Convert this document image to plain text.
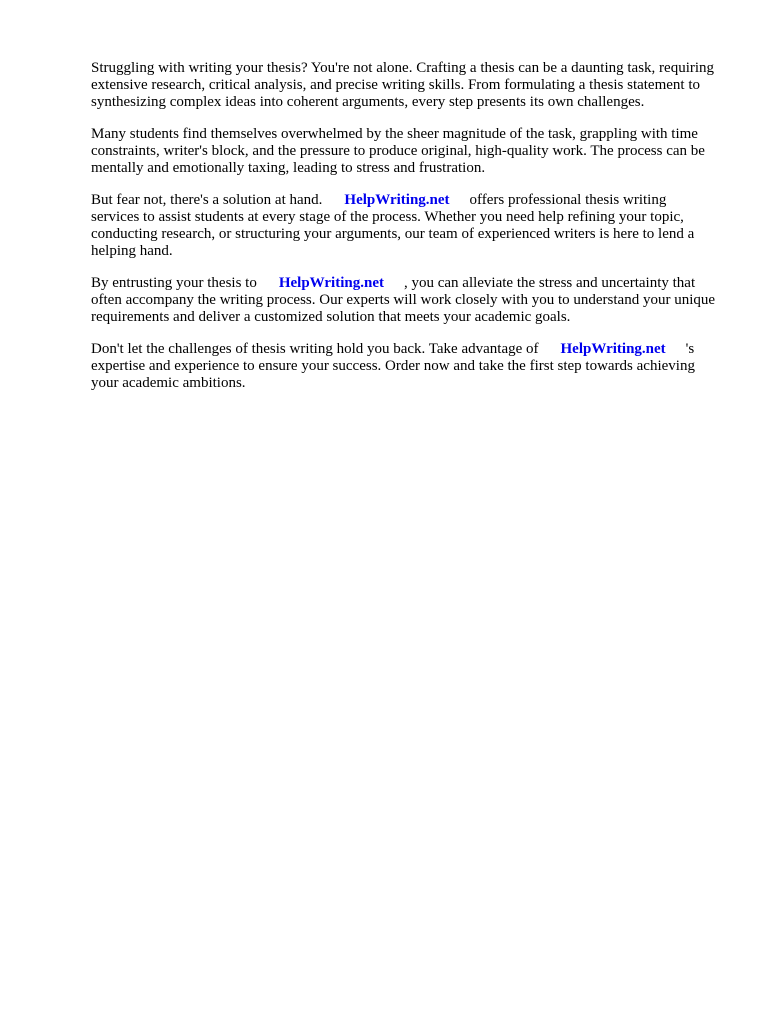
Struggling with writing your thesis? You're not alone. Crafting a thesis can be a daunting task, requiring extensive research, critical analysis, and precise writing skills. From formulating a thesis statement to synthesizing complex ideas into coherent arguments, every step presents its own challenges.

Many students find themselves overwhelmed by the sheer magnitude of the task, grappling with time constraints, writer's block, and the pressure to produce original, high-quality work. The process can be mentally and emotionally taxing, leading to stress and frustration.

But fear not, there's a solution at hand. HelpWriting.net offers professional thesis writing services to assist students at every stage of the process. Whether you need help refining your topic, conducting research, or structuring your arguments, our team of experienced writers is here to lend a helping hand.

By entrusting your thesis to HelpWriting.net , you can alleviate the stress and uncertainty that often accompany the writing process. Our experts will work closely with you to understand your unique requirements and deliver a customized solution that meets your academic goals.

Don't let the challenges of thesis writing hold you back. Take advantage of HelpWriting.net 's expertise and experience to ensure your success. Order now and take the first step towards achieving your academic ambitions.
